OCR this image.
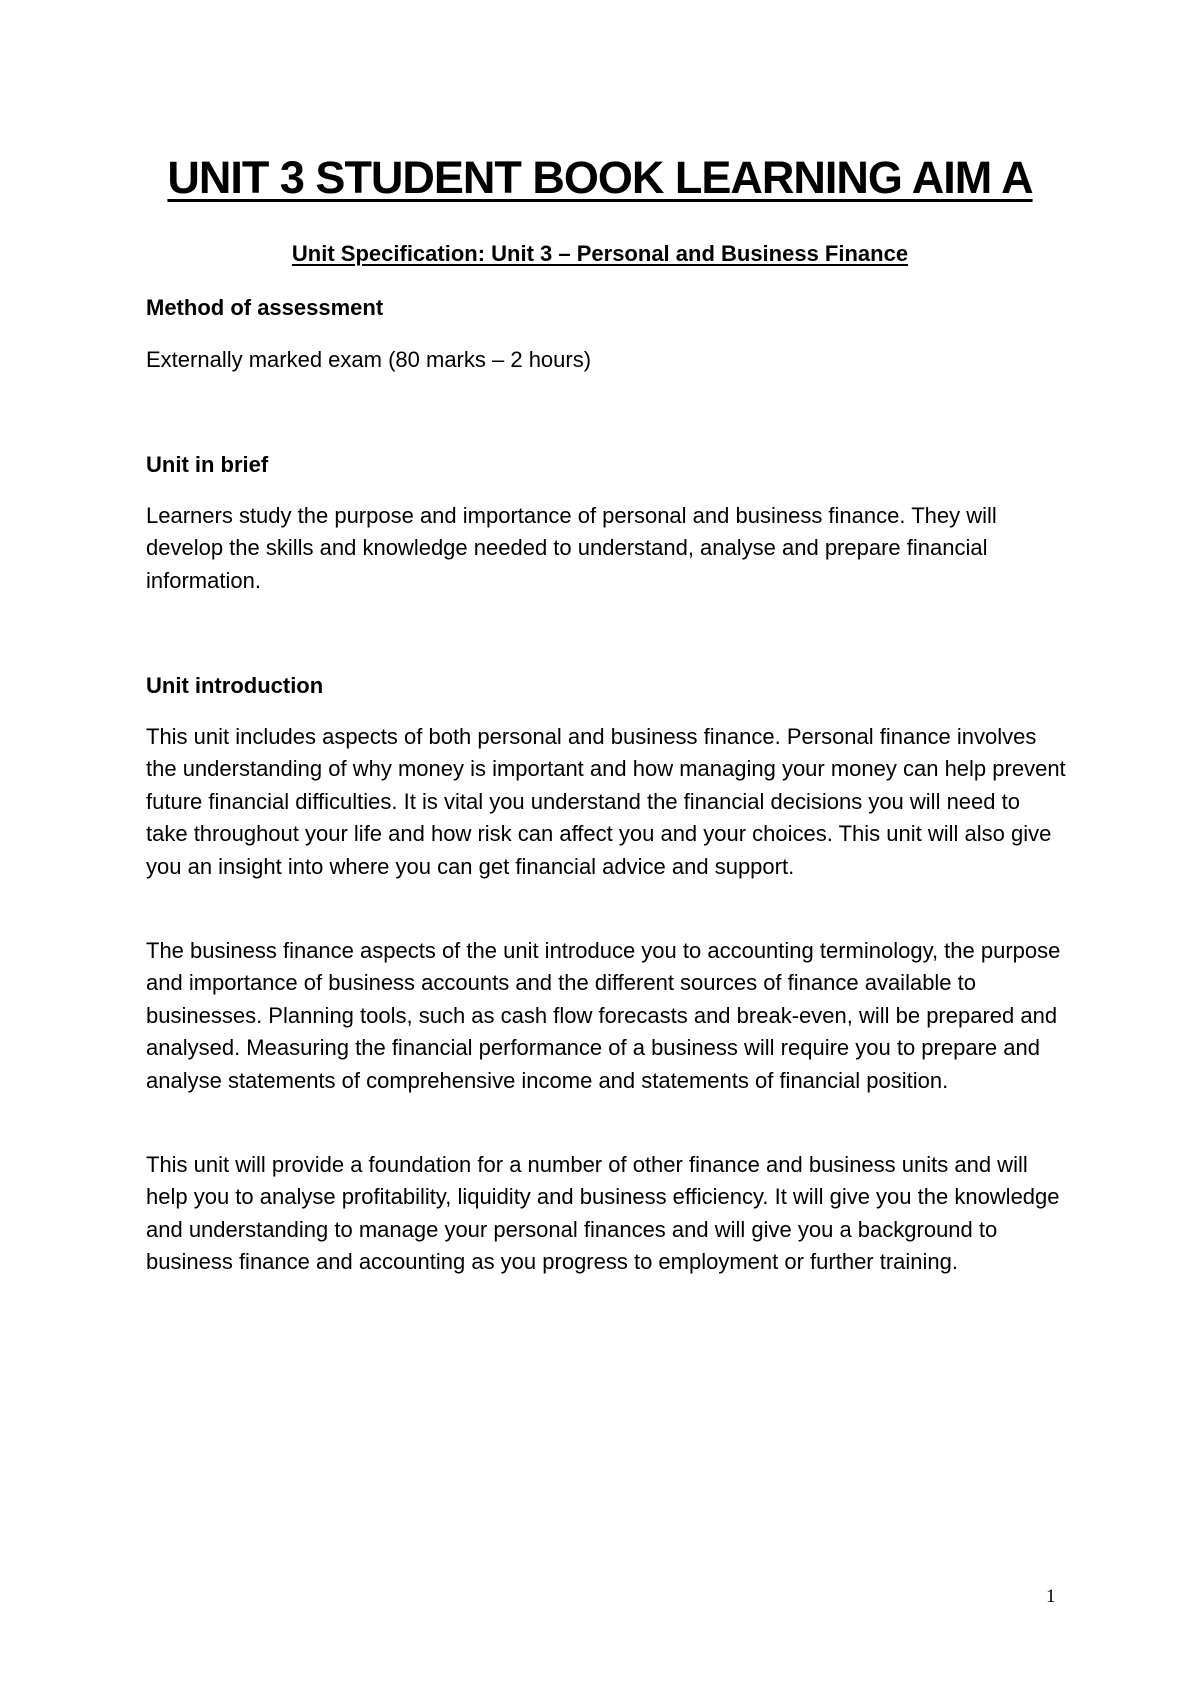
UNIT 3 STUDENT BOOK LEARNING AIM A

Unit Specification: Unit 3 – Personal and Business Finance

Method of assessment

Externally marked exam (80 marks – 2 hours)

Unit in brief

Learners study the purpose and importance of personal and business finance. They will develop the skills and knowledge needed to understand, analyse and prepare financial information.

Unit introduction

This unit includes aspects of both personal and business finance. Personal finance involves the understanding of why money is important and how managing your money can help prevent future financial difficulties. It is vital you understand the financial decisions you will need to take throughout your life and how risk can affect you and your choices. This unit will also give you an insight into where you can get financial advice and support.

The business finance aspects of the unit introduce you to accounting terminology, the purpose and importance of business accounts and the different sources of finance available to businesses. Planning tools, such as cash flow forecasts and break-even, will be prepared and analysed. Measuring the financial performance of a business will require you to prepare and analyse statements of comprehensive income and statements of financial position.

This unit will provide a foundation for a number of other finance and business units and will help you to analyse profitability, liquidity and business efficiency. It will give you the knowledge and understanding to manage your personal finances and will give you a background to business finance and accounting as you progress to employment or further training.

1
